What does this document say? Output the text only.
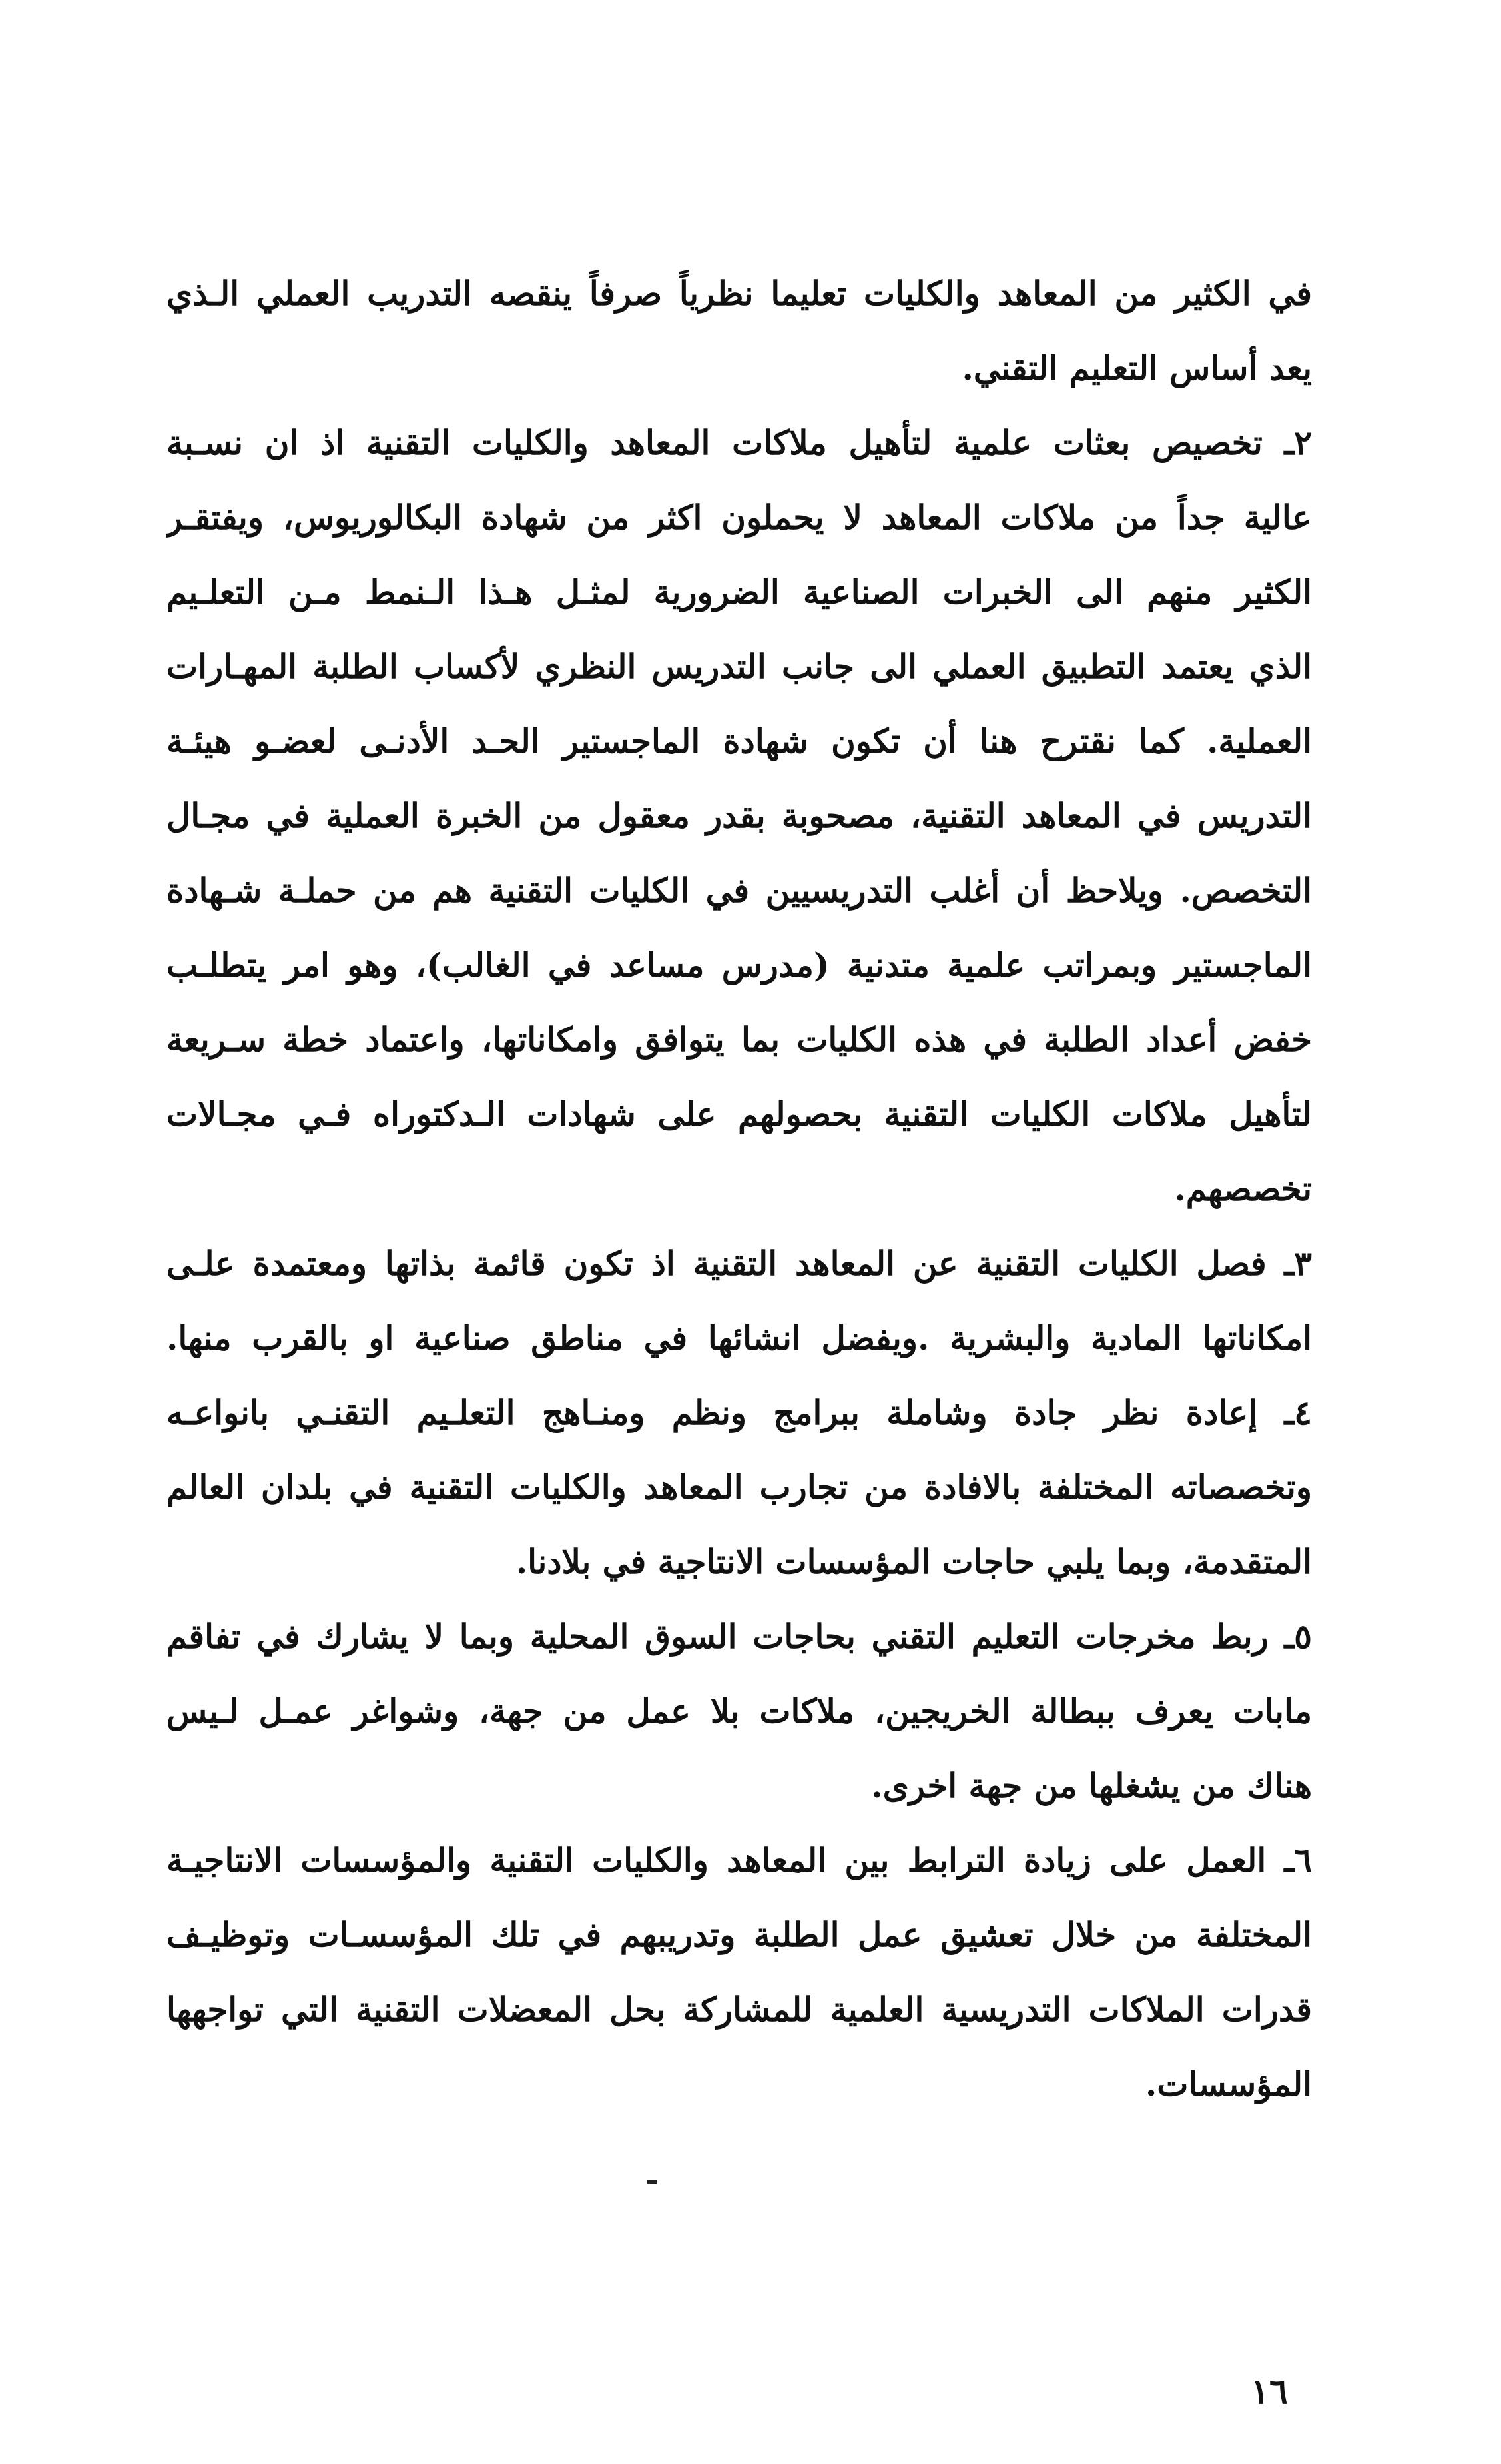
في الكثير من المعاهد والكليات تعليما نظرياً صرفاً ينقصه التدريب العملي الـذي
يعد أساس التعليم التقني.
٢ـ تخصيص بعثات علمية لتأهيل ملاكات المعاهد والكليات التقنية اذ ان نسـبة
عالية جداً من ملاكات المعاهد لا يحملون اكثر من شهادة البكالوريوس، ويفتقـر
الكثير منهم الى الخبرات الصناعية الضرورية لمثـل هـذا الـنمط مـن التعلـيم
الذي يعتمد التطبيق العملي الى جانب التدريس النظري لأكساب الطلبة المهـارات
العملية. كما نقترح هنا أن تكون شهادة الماجستير الحـد الأدنـى لعضـو هيئـة
التدريس في المعاهد التقنية، مصحوبة بقدر معقول من الخبرة العملية في مجـال
التخصص. ويلاحظ أن أغلب التدريسيين في الكليات التقنية هم من حملـة شـهادة
الماجستير وبمراتب علمية متدنية (مدرس مساعد في الغالب)، وهو امر يتطلـب
خفض أعداد الطلبة في هذه الكليات بما يتوافق وامكاناتها، واعتماد خطة سـريعة
لتأهيل ملاكات الكليات التقنية بحصولهم على شهادات الـدكتوراه فـي مجـالات
تخصصهم.
٣ـ فصل الكليات التقنية عن المعاهد التقنية اذ تكون قائمة بذاتها ومعتمدة علـى
امكاناتها المادية والبشرية .ويفضل انشائها في مناطق صناعية او بالقرب منها.
٤ـ إعادة نظر جادة وشاملة ببرامج ونظم ومنـاهج التعلـيم التقنـي بانواعـه
وتخصصاته المختلفة بالافادة من تجارب المعاهد والكليات التقنية في بلدان العالم
المتقدمة، وبما يلبي حاجات المؤسسات الانتاجية في بلادنا.
٥ـ ربط مخرجات التعليم التقني بحاجات السوق المحلية وبما لا يشارك في تفاقم
مابات يعرف ببطالة الخريجين، ملاكات بلا عمل من جهة، وشواغر عمـل لـيس
هناك من يشغلها من جهة اخرى.
٦ـ العمل على زيادة الترابط بين المعاهد والكليات التقنية والمؤسسات الانتاجيـة
المختلفة من خلال تعشيق عمل الطلبة وتدريبهم في تلك المؤسسـات وتوظيـف
قدرات الملاكات التدريسية العلمية للمشاركة بحل المعضلات التقنية التي تواجهها
المؤسسات.
١٦
